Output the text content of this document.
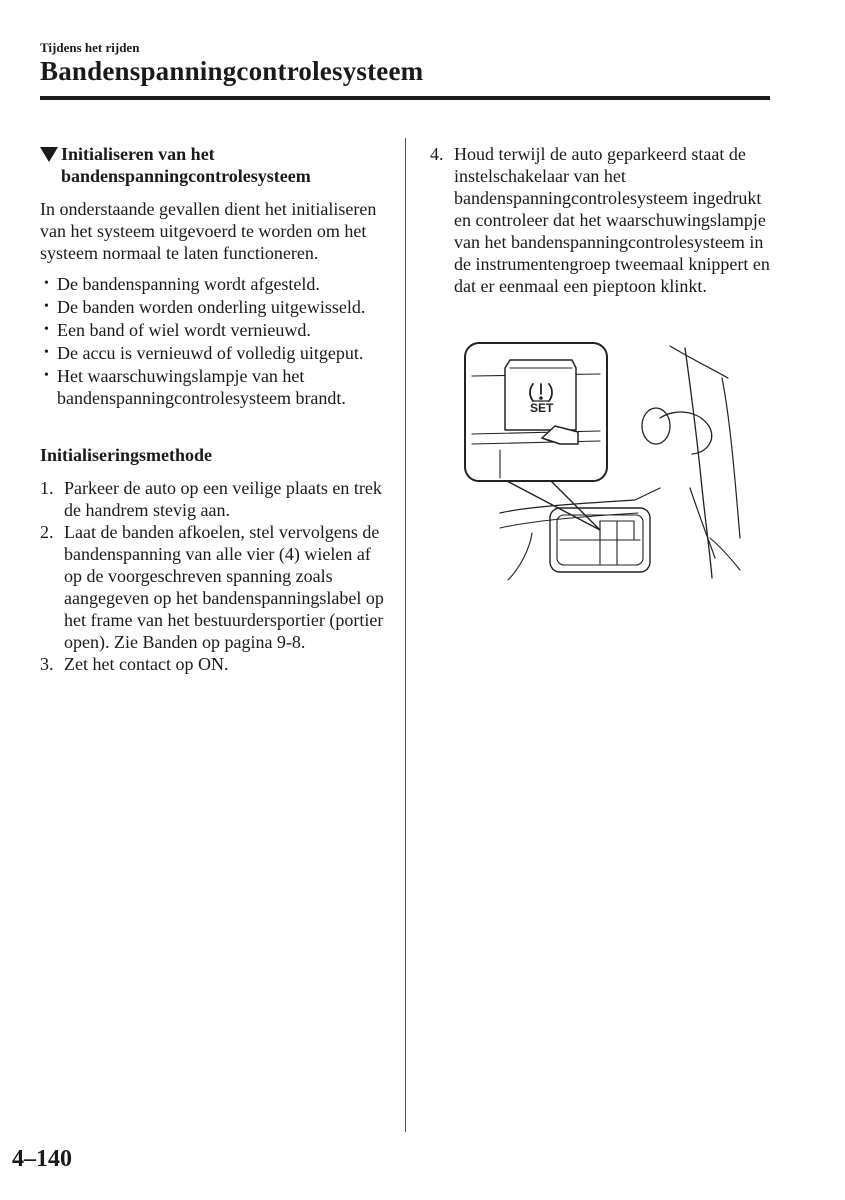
Tijdens het rijden
Bandenspanningcontrolesysteem
Initialiseren van het
bandenspanningcontrolesysteem

In onderstaande gevallen dient het initialiseren van het systeem uitgevoerd te worden om het systeem normaal te laten functioneren.

• De bandenspanning wordt afgesteld.
• De banden worden onderling uitgewisseld.
• Een band of wiel wordt vernieuwd.
• De accu is vernieuwd of volledig uitgeput.
• Het waarschuwingslampje van het bandenspanningcontrolesysteem brandt.
Initialiseringsmethode
1. Parkeer de auto op een veilige plaats en trek de handrem stevig aan.
2. Laat de banden afkoelen, stel vervolgens de bandenspanning van alle vier (4) wielen af op de voorgeschreven spanning zoals aangegeven op het bandenspanningslabel op het frame van het bestuurdersportier (portier open). Zie Banden op pagina 9-8.
3. Zet het contact op ON.
4. Houd terwijl de auto geparkeerd staat de instelschakelaar van het bandenspanningcontrolesysteem ingedrukt en controleer dat het waarschuwingslampje van het bandenspanningcontrolesysteem in de instrumentengroep tweemaal knippert en dat er eenmaal een pieptoon klinkt.
SET
4–140
